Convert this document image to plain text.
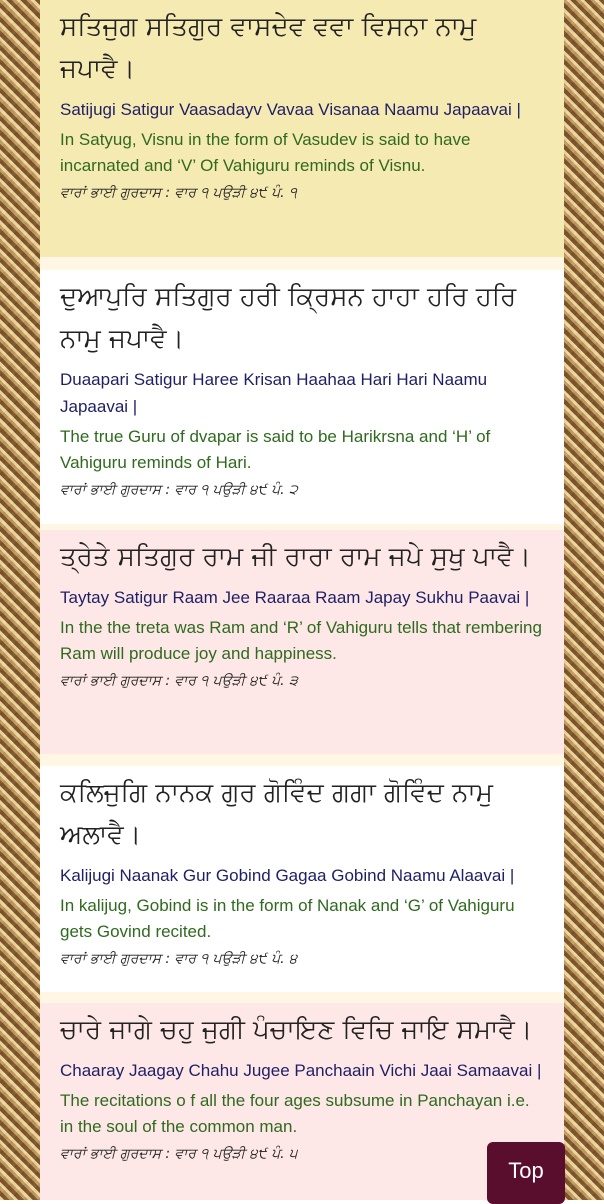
ਸਤਿਜੁਗ ਸਤਿਗੁਰ ਵਾਸਦੇਵ ਵਵਾ ਵਿਸਨਾ ਨਾਮੁ ਜਪਾਵੈ।

Satijugi Satigur Vaasadayv Vavaa Visanaa Naamu Japaavai |

In Satyug, Visnu in the form of Vasudev is said to have incarnated and ‘V’ Of Vahiguru reminds of Visnu.

ਵਾਰਾਂ ਭਾਈ ਗੁਰਦਾਸ : ਵਾਰ ੧ ਪਉੜੀ ੪੯ ਪੰ. ੧

ਦੁਆਪੁਰਿ ਸਤਿਗੁਰ ਹਰੀ ਕ੍ਰਿਸਨ ਹਾਹਾ ਹਰਿ ਹਰਿ ਨਾਮੁ ਜਪਾਵੈ।

Duaapari Satigur Haree Krisan Haahaa Hari Hari Naamu Japaavai |

The true Guru of dvapar is said to be Harikrsna and ‘H’ of Vahiguru reminds of Hari.

ਵਾਰਾਂ ਭਾਈ ਗੁਰਦਾਸ : ਵਾਰ ੧ ਪਉੜੀ ੪੯ ਪੰ. ੨

ਤ੍ਰੇਤੇ ਸਤਿਗੁਰ ਰਾਮ ਜੀ ਰਾਰਾ ਰਾਮ ਜਪੇ ਸੁਖੁ ਪਾਵੈ।

Taytay Satigur Raam Jee Raaraa Raam Japay Sukhu Paavai |

In the the treta was Ram and ‘R’ of Vahiguru tells that rembering Ram will produce joy and happiness.

ਵਾਰਾਂ ਭਾਈ ਗੁਰਦਾਸ : ਵਾਰ ੧ ਪਉੜੀ ੪੯ ਪੰ. ੩

ਕਲਿਜੁਗਿ ਨਾਨਕ ਗੁਰ ਗੋਵਿੰਦ ਗਗਾ ਗੋਵਿੰਦ ਨਾਮੁ ਅਲਾਵੈ।

Kalijugi Naanak Gur Gobind Gagaa Gobind Naamu Alaavai |

In kalijug, Gobind is in the form of Nanak and ‘G’ of Vahiguru gets Govind recited.

ਵਾਰਾਂ ਭਾਈ ਗੁਰਦਾਸ : ਵਾਰ ੧ ਪਉੜੀ ੪੯ ਪੰ. ੪

ਚਾਰੇ ਜਾਗੇ ਚਹੁ ਜੁਗੀ ਪੰਚਾਇਣ ਵਿਚਿ ਜਾਇ ਸਮਾਵੈ।

Chaaray Jaagay Chahu Jugee Panchaain Vichi Jaai Samaavai |

The recitations o f all the four ages subsume in Panchayan i.e. in the soul of the common man.

ਵਾਰਾਂ ਭਾਈ ਗੁਰਦਾਸ : ਵਾਰ ੧ ਪਉੜੀ ੪੯ ਪੰ. ੫

Top
